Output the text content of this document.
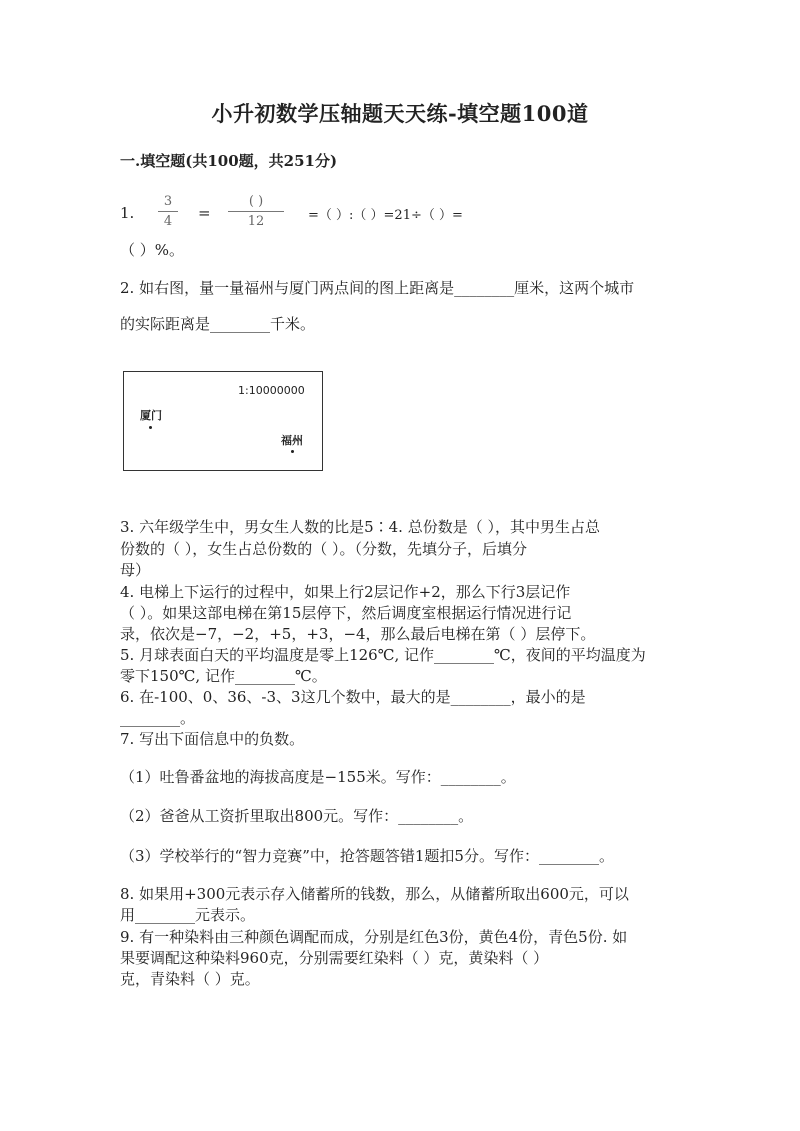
小升初数学压轴题天天练-填空题100道
一.填空题(共100题，共251分)
1.
3
4	=
( )
12	=（ ）:（ ）=21÷（ ）=
（ ）%。
2. 如右图，量一量福州与厦门两点间的图上距离是________厘米，这两个城市
的实际距离是________千米。
1:10000000
厦门
福州
3. 六年级学生中，男女生人数的比是5∶4. 总份数是（ ），其中男生占总
份数的（ ），女生占总份数的（ ）。（分数，先填分子，后填分
母）
4. 电梯上下运行的过程中，如果上行2层记作+2，那么下行3层记作
（ ）。如果这部电梯在第15层停下，然后调度室根据运行情况进行记
录，依次是−7，−2，+5，+3，−4，那么最后电梯在第（ ）层停下。
5. 月球表面白天的平均温度是零上126℃, 记作________℃，夜间的平均温度为
零下150℃, 记作________℃。
6. 在-100、0、36、-3、3这几个数中，最大的是________，最小的是
________。
7. 写出下面信息中的负数。
（1）吐鲁番盆地的海拔高度是−155米。写作：________。
（2）爸爸从工资折里取出800元。写作：________。
（3）学校举行的“智力竞赛”中，抢答题答错1题扣5分。写作：________。
8. 如果用+300元表示存入储蓄所的钱数，那么，从储蓄所取出600元，可以
用________元表示。
9. 有一种染料由三种颜色调配而成，分别是红色3份，黄色4份，青色5份. 如
果要调配这种染料960克，分别需要红染料（ ）克，黄染料（ ）
克，青染料（ ）克。
